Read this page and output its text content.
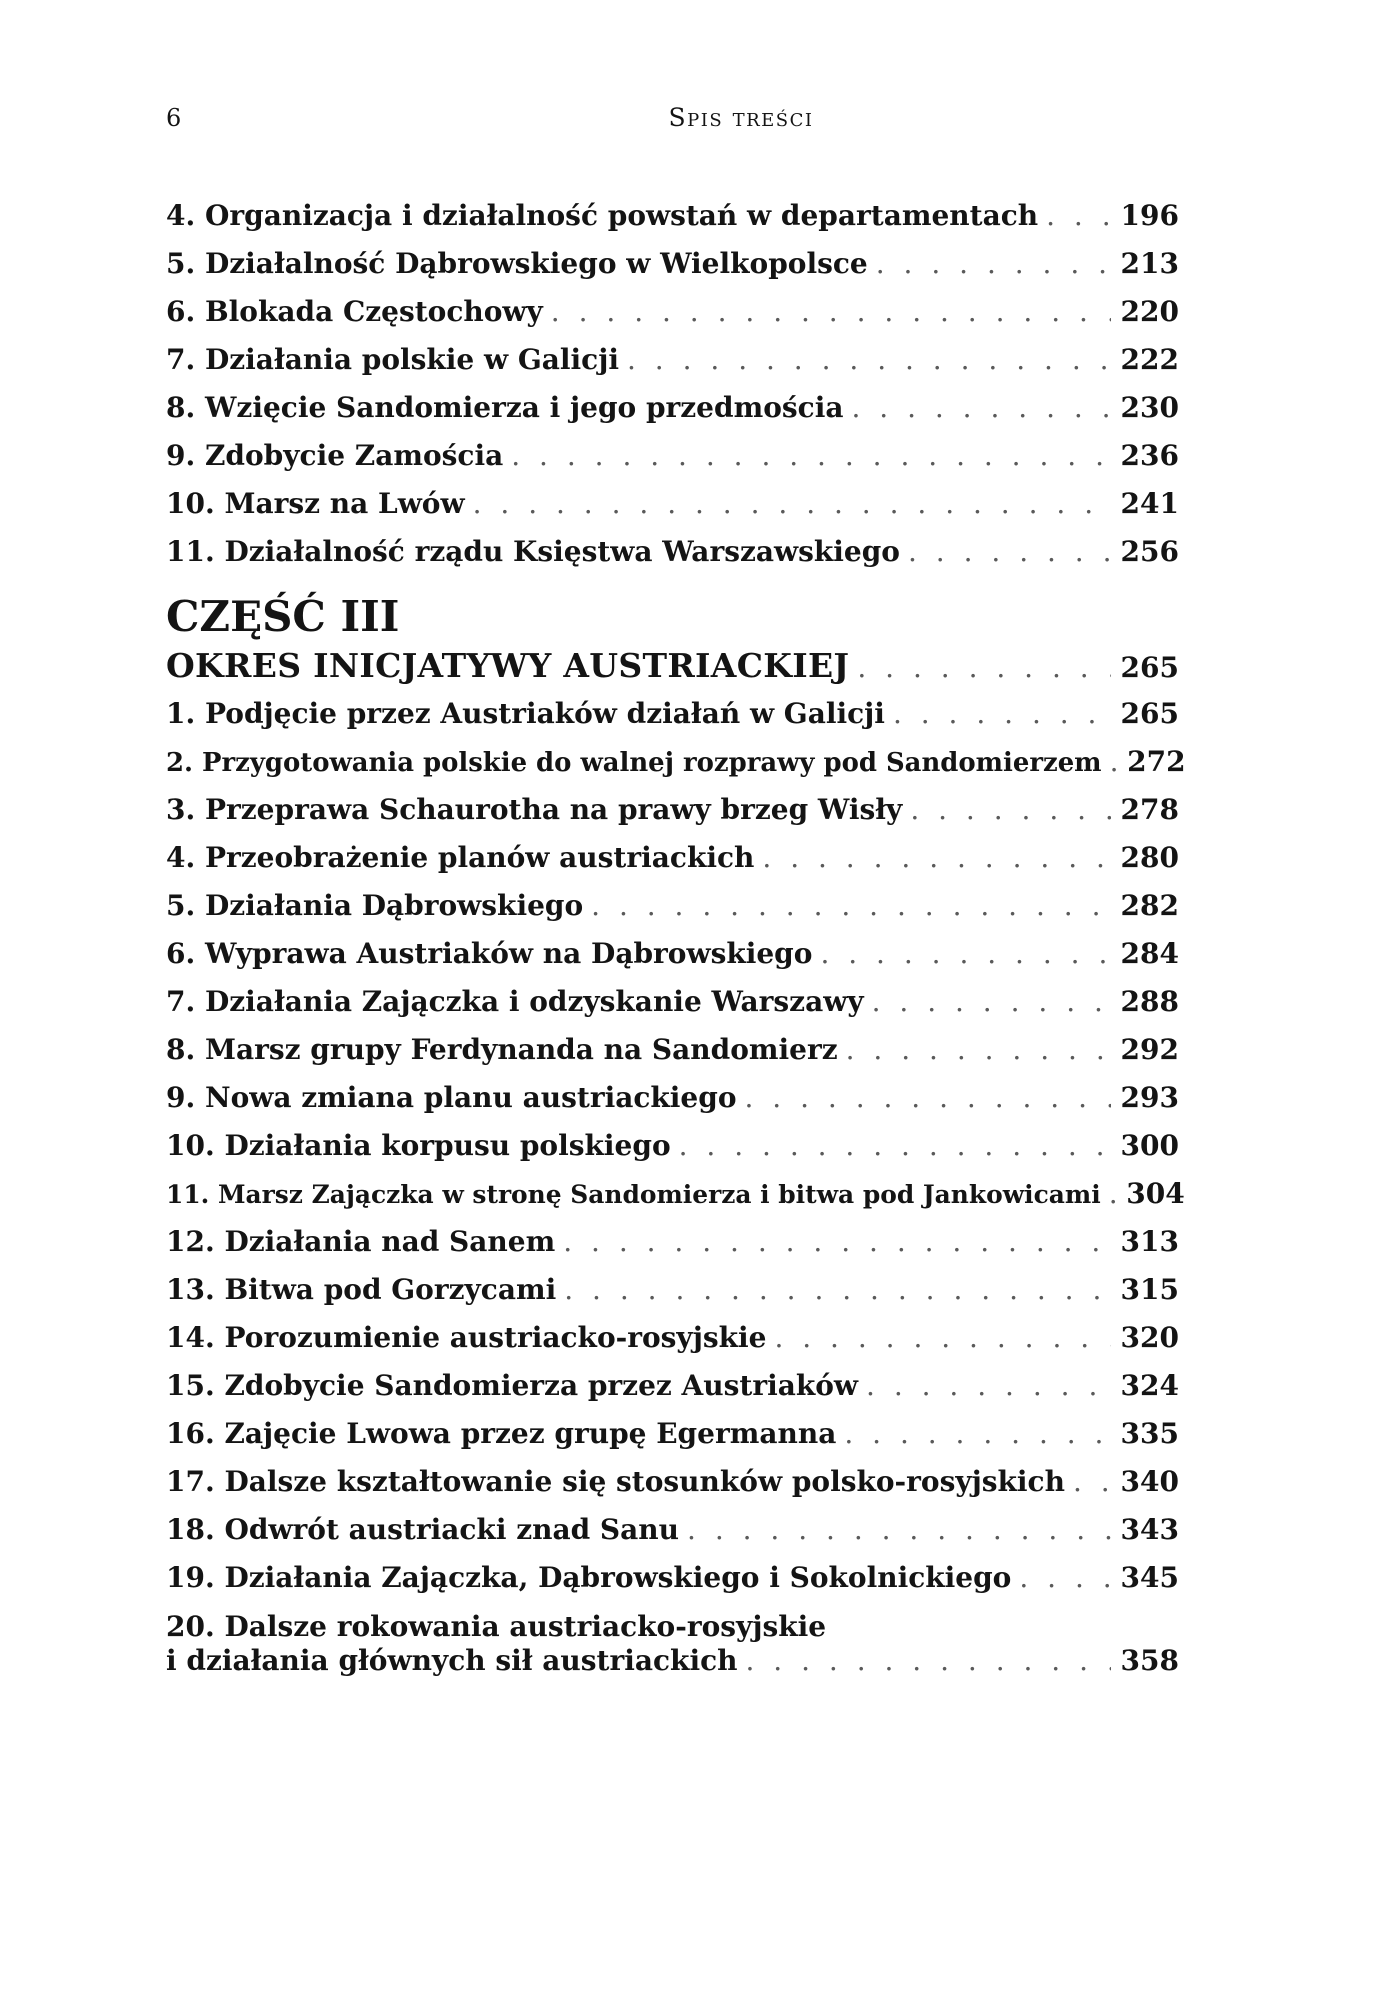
6	Spis treści
4. Organizacja i działalność powstań w departamentach . . .	196
5. Działalność Dąbrowskiego w Wielkopolsce . . .	213
6. Blokada Częstochowy . . .	220
7. Działania polskie w Galicji . . .	222
8. Wzięcie Sandomierza i jego przedmościa . . .	230
9. Zdobycie Zamościa . . .	236
10. Marsz na Lwów . . .	241
11. Działalność rządu Księstwa Warszawskiego . . .	256
CZĘŚĆ III
OKRES INICJATYWY AUSTRIACKIEJ . . .	265
1. Podjęcie przez Austriaków działań w Galicji . . .	265
2. Przygotowania polskie do walnej rozprawy pod Sandomierzem . . . 272
3. Przeprawa Schaurotha na prawy brzeg Wisły . . .	278
4. Przeobrażenie planów austriackich . . .	280
5. Działania Dąbrowskiego . . .	282
6. Wyprawa Austriaków na Dąbrowskiego . . .	284
7. Działania Zajączka i odzyskanie Warszawy . . .	288
8. Marsz grupy Ferdynanda na Sandomierz . . .	292
9. Nowa zmiana planu austriackiego . . .	293
10. Działania korpusu polskiego . . .	300
11. Marsz Zajączka w stronę Sandomierza i bitwa pod Jankowicami . . . 304
12. Działania nad Sanem . . .	313
13. Bitwa pod Gorzycami . . .	315
14. Porozumienie austriacko-rosyjskie . . .	320
15. Zdobycie Sandomierza przez Austriaków . . .	324
16. Zajęcie Lwowa przez grupę Egermanna . . .	335
17. Dalsze kształtowanie się stosunków polsko-rosyjskich . . . 340
18. Odwrót austriacki znad Sanu . . .	343
19. Działania Zajączka, Dąbrowskiego i Sokolnickiego . . .	345
20. Dalsze rokowania austriacko-rosyjskie
i działania głównych sił austriackich . . .	358
